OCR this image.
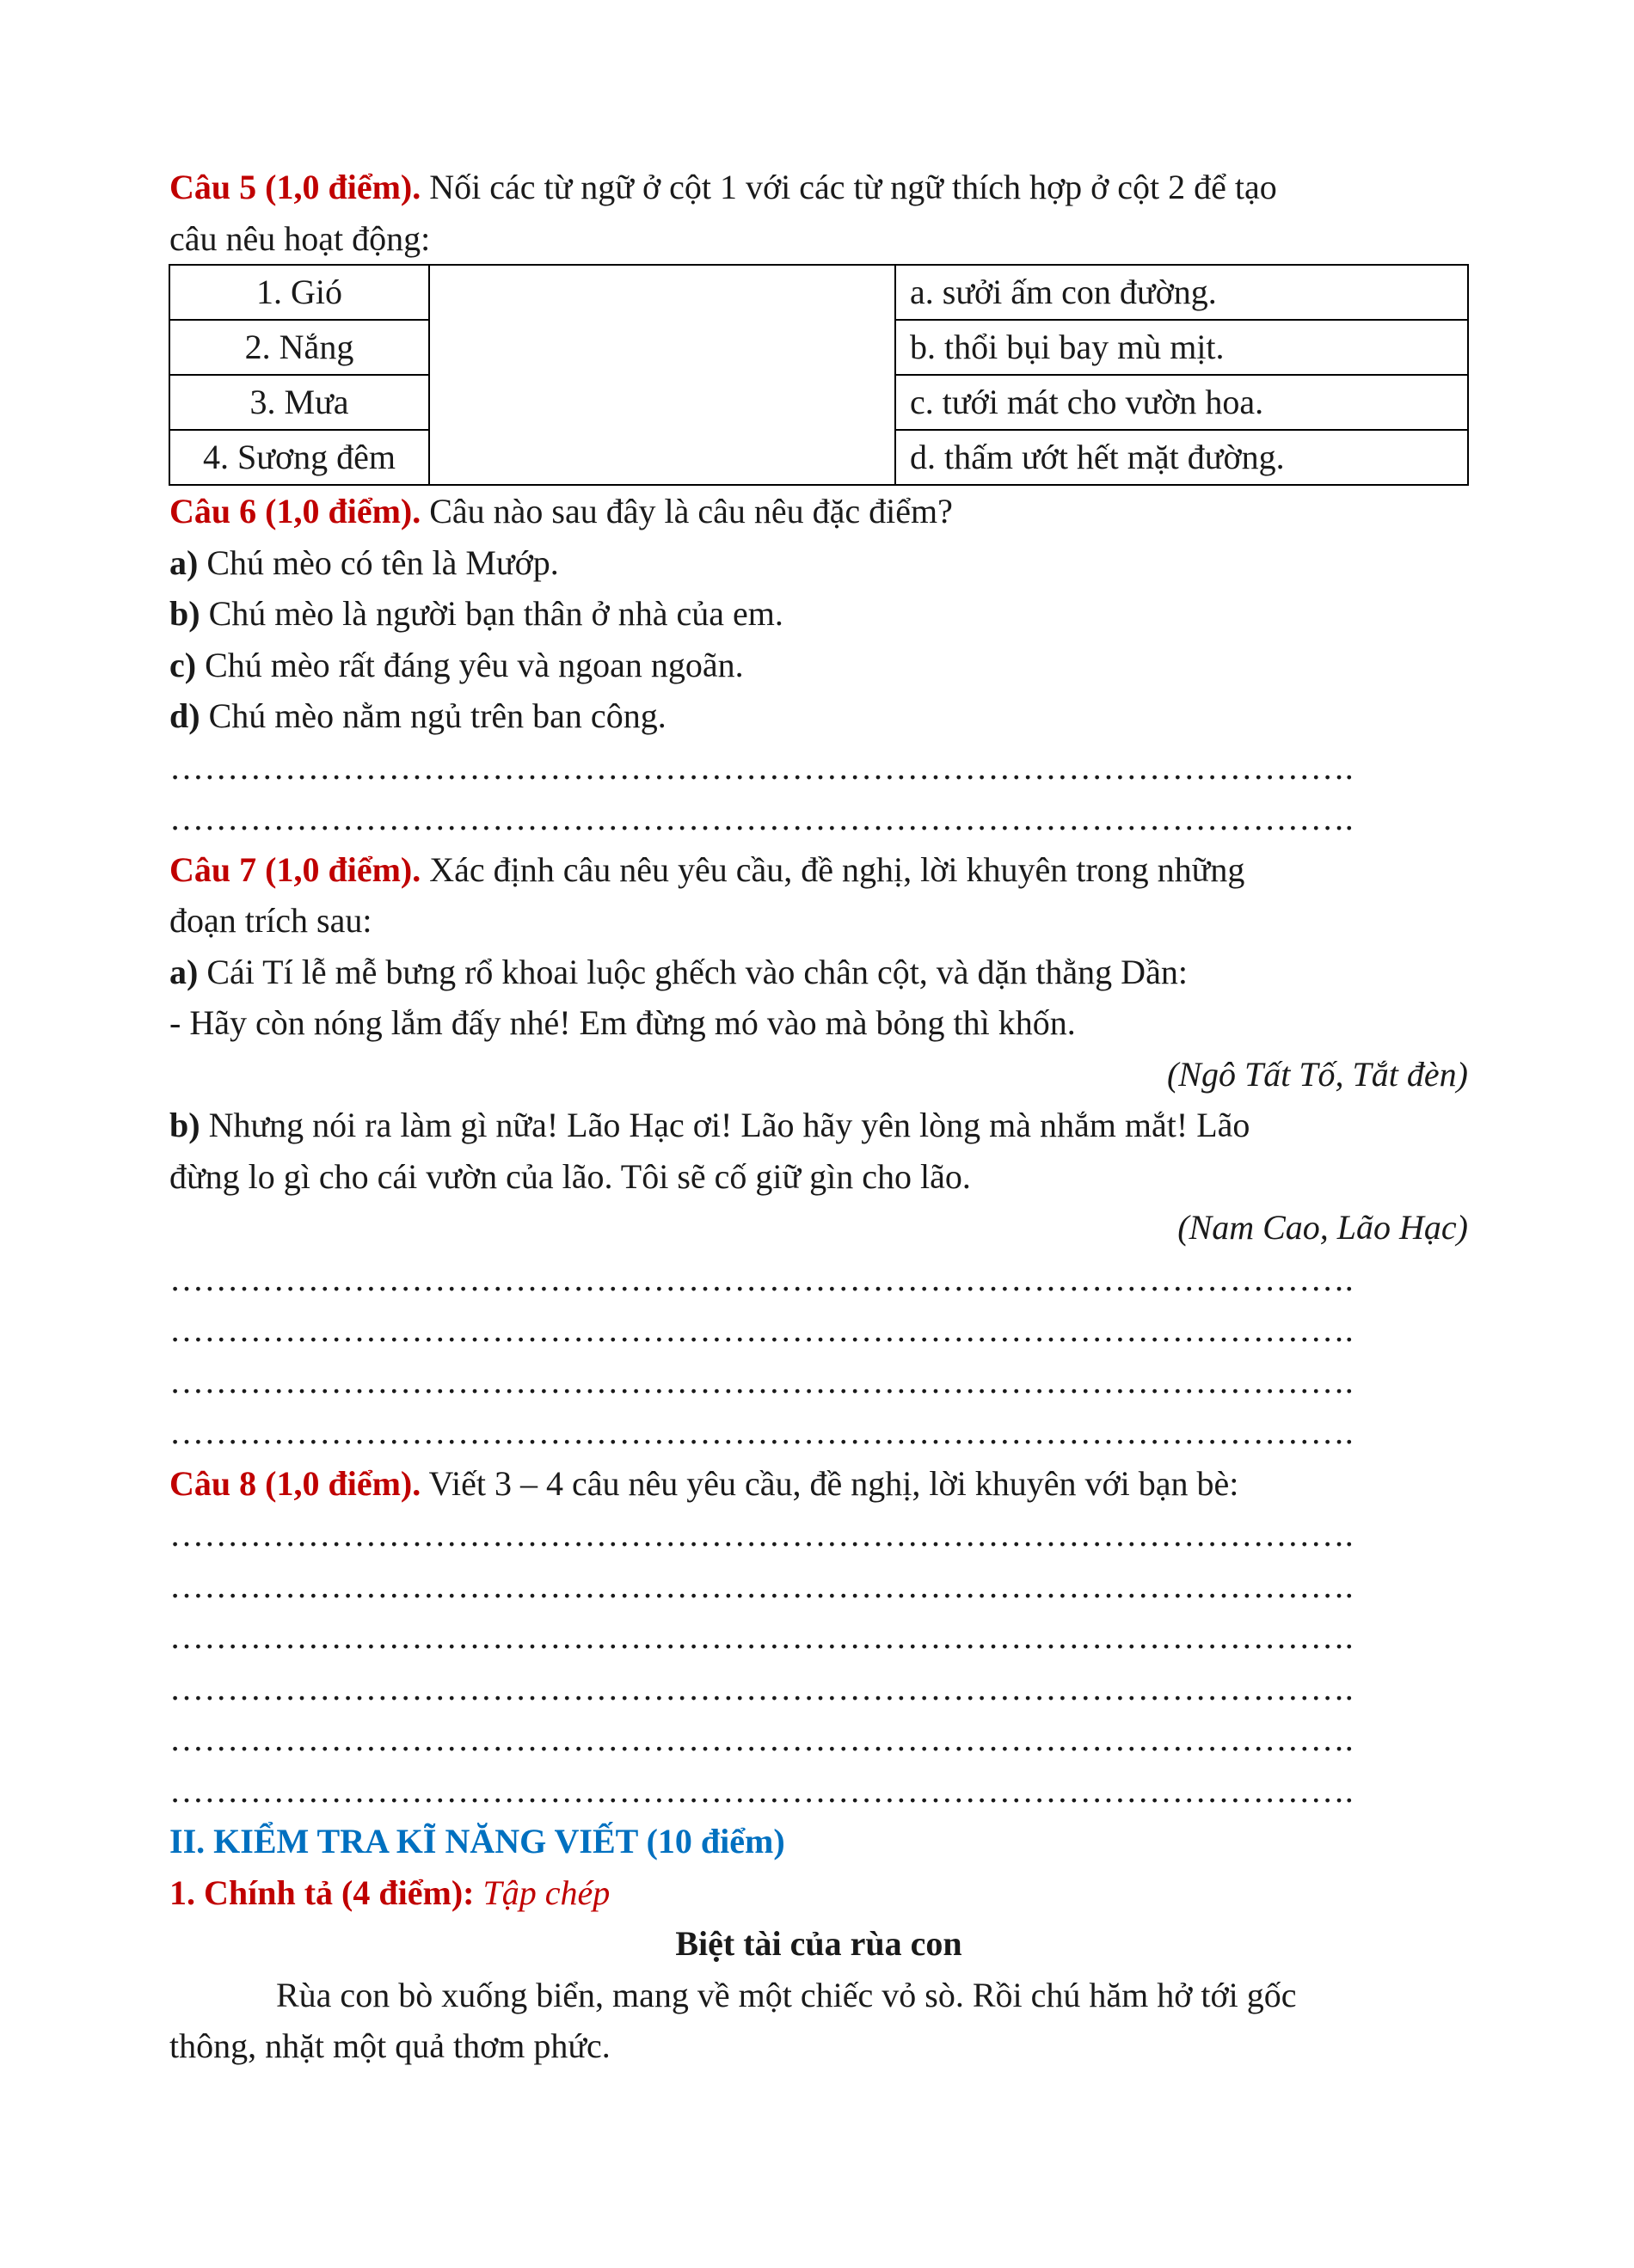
Câu 5 (1,0 điểm). Nối các từ ngữ ở cột 1 với các từ ngữ thích hợp ở cột 2 để tạo

câu nêu hoạt động:

1. Gió		a. sưởi ấm con đường.
2. Nắng		b. thổi bụi bay mù mịt.
3. Mưa		c. tưới mát cho vườn hoa.
4. Sương đêm		d. thấm ướt hết mặt đường.

Câu 6 (1,0 điểm). Câu nào sau đây là câu nêu đặc điểm?

a) Chú mèo có tên là Mướp.

b) Chú mèo là người bạn thân ở nhà của em.

c) Chú mèo rất đáng yêu và ngoan ngoãn.

d) Chú mèo nằm ngủ trên ban công.

………………………………………………………………………………………….
………………………………………………………………………………………….

Câu 7 (1,0 điểm). Xác định câu nêu yêu cầu, đề nghị, lời khuyên trong những

đoạn trích sau:

a) Cái Tí lễ mễ bưng rổ khoai luộc ghếch vào chân cột, và dặn thằng Dần:

- Hãy còn nóng lắm đấy nhé! Em đừng mó vào mà bỏng thì khốn.

(Ngô Tất Tố, Tắt đèn)

b) Nhưng nói ra làm gì nữa! Lão Hạc ơi! Lão hãy yên lòng mà nhắm mắt! Lão

đừng lo gì cho cái vườn của lão. Tôi sẽ cố giữ gìn cho lão.

(Nam Cao, Lão Hạc)

………………………………………………………………………………………….
………………………………………………………………………………………….
………………………………………………………………………………………….
………………………………………………………………………………………….

Câu 8 (1,0 điểm). Viết 3 – 4 câu nêu yêu cầu, đề nghị, lời khuyên với bạn bè:

………………………………………………………………………………………….
………………………………………………………………………………………….
………………………………………………………………………………………….
………………………………………………………………………………………….
………………………………………………………………………………………….
………………………………………………………………………………………….

II. KIỂM TRA KĨ NĂNG VIẾT (10 điểm)

1. Chính tả (4 điểm): Tập chép

Biệt tài của rùa con

Rùa con bò xuống biển, mang về một chiếc vỏ sò. Rồi chú hăm hở tới gốc

thông, nhặt một quả thơm phức.
